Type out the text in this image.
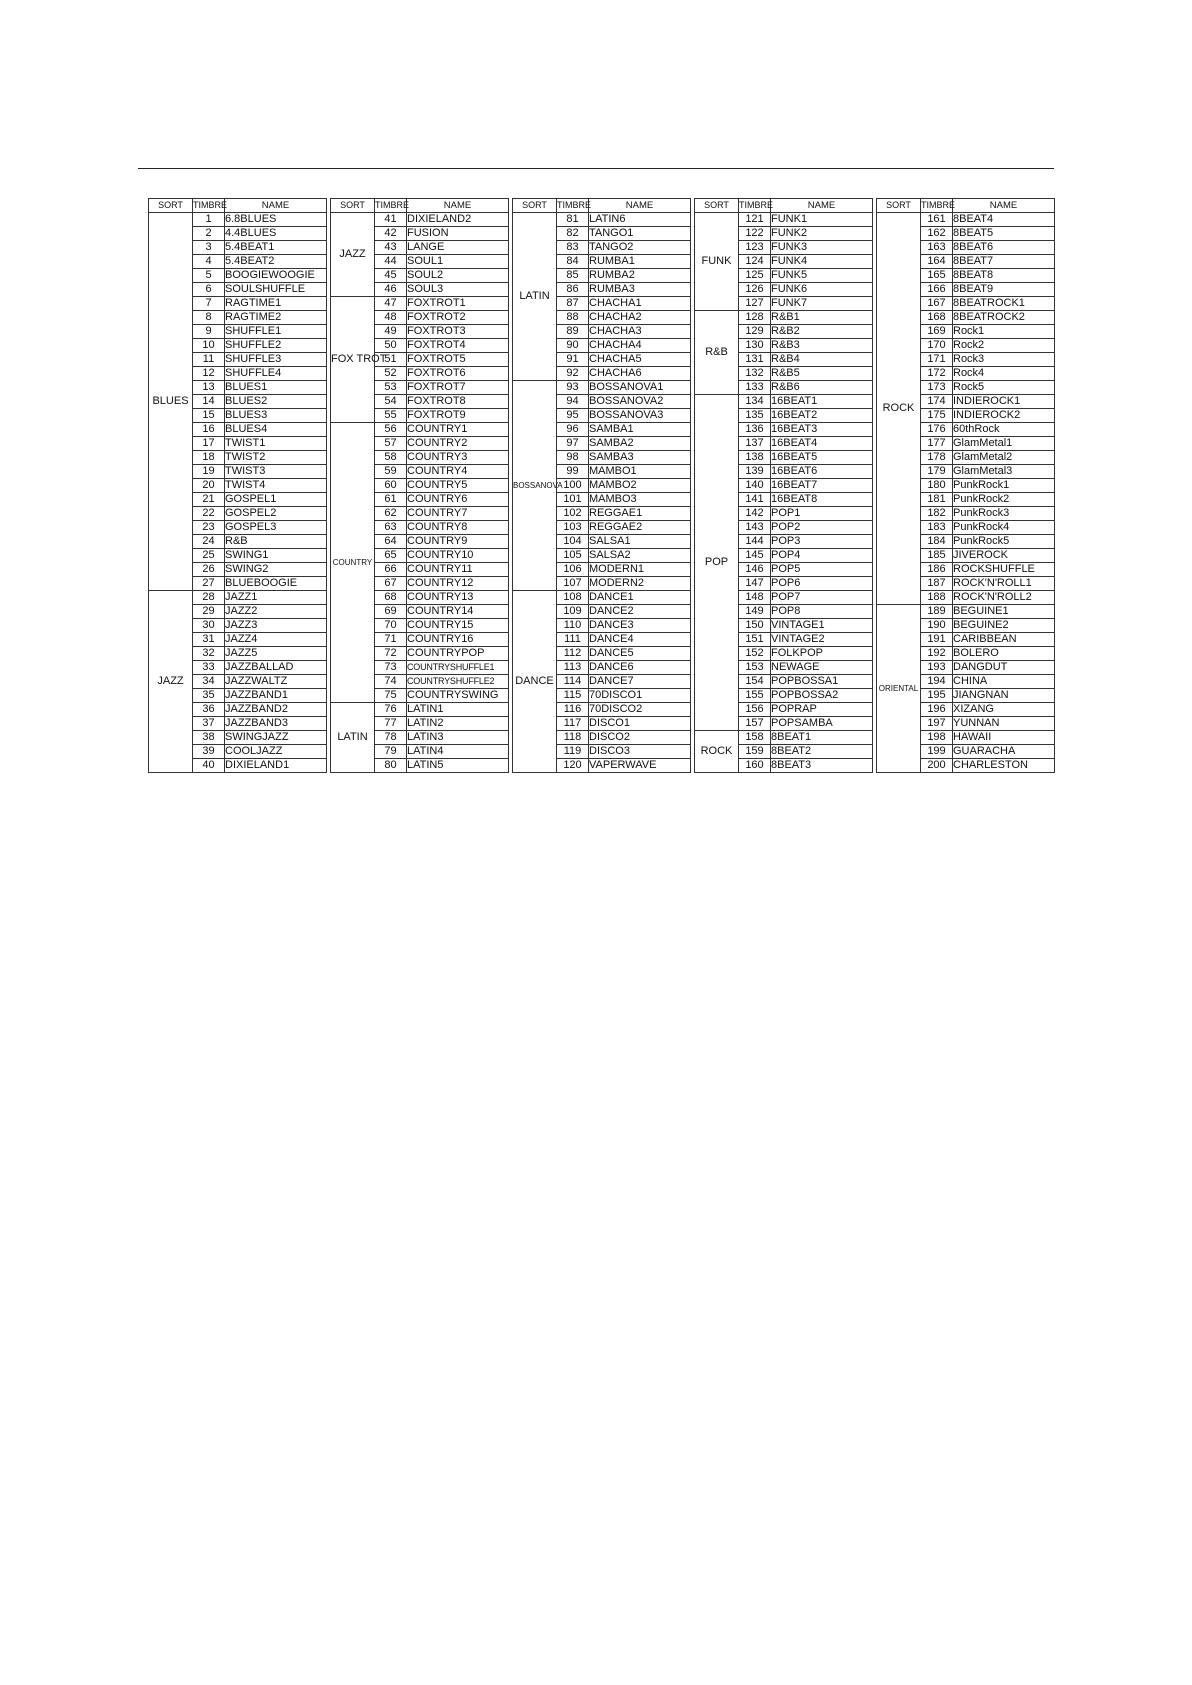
SORT	TIMBRE	NAME
BLUES	1	6.8BLUES
	2	4.4BLUES
	3	5.4BEAT1
	4	5.4BEAT2
	5	BOOGIEWOOGIE
	6	SOULSHUFFLE
	7	RAGTIME1
	8	RAGTIME2
	9	SHUFFLE1
	10	SHUFFLE2
	11	SHUFFLE3
	12	SHUFFLE4
	13	BLUES1
	14	BLUES2
	15	BLUES3
	16	BLUES4
	17	TWIST1
	18	TWIST2
	19	TWIST3
	20	TWIST4
	21	GOSPEL1
	22	GOSPEL2
	23	GOSPEL3
	24	R&B
	25	SWING1
	26	SWING2
	27	BLUEBOOGIE
JAZZ	28	JAZZ1
	29	JAZZ2
	30	JAZZ3
	31	JAZZ4
	32	JAZZ5
	33	JAZZBALLAD
	34	JAZZWALTZ
	35	JAZZBAND1
	36	JAZZBAND2
	37	JAZZBAND3
	38	SWINGJAZZ
	39	COOLJAZZ
	40	DIXIELAND1
SORT	TIMBRE	NAME
JAZZ	41	DIXIELAND2
	42	FUSION
	43	LANGE
	44	SOUL1
	45	SOUL2
	46	SOUL3
FOX TROT	47	FOXTROT1
	48	FOXTROT2
	49	FOXTROT3
	50	FOXTROT4
	51	FOXTROT5
	52	FOXTROT6
	53	FOXTROT7
	54	FOXTROT8
	55	FOXTROT9
COUNTRY	56	COUNTRY1
	57	COUNTRY2
	58	COUNTRY3
	59	COUNTRY4
	60	COUNTRY5
	61	COUNTRY6
	62	COUNTRY7
	63	COUNTRY8
	64	COUNTRY9
	65	COUNTRY10
	66	COUNTRY11
	67	COUNTRY12
	68	COUNTRY13
	69	COUNTRY14
	70	COUNTRY15
	71	COUNTRY16
	72	COUNTRYPOP
	73	COUNTRYSHUFFLE1
	74	COUNTRYSHUFFLE2
	75	COUNTRYSWING
LATIN	76	LATIN1
	77	LATIN2
	78	LATIN3
	79	LATIN4
	80	LATIN5
SORT	TIMBRE	NAME
LATIN	81	LATIN6
	82	TANGO1
	83	TANGO2
	84	RUMBA1
	85	RUMBA2
	86	RUMBA3
	87	CHACHA1
	88	CHACHA2
	89	CHACHA3
	90	CHACHA4
	91	CHACHA5
	92	CHACHA6
BOSSANOVA	93	BOSSANOVA1
	94	BOSSANOVA2
	95	BOSSANOVA3
	96	SAMBA1
	97	SAMBA2
	98	SAMBA3
	99	MAMBO1
	100	MAMBO2
	101	MAMBO3
	102	REGGAE1
	103	REGGAE2
	104	SALSA1
	105	SALSA2
	106	MODERN1
	107	MODERN2
DANCE	108	DANCE1
	109	DANCE2
	110	DANCE3
	111	DANCE4
	112	DANCE5
	113	DANCE6
	114	DANCE7
	115	70DISCO1
	116	70DISCO2
	117	DISCO1
	118	DISCO2
	119	DISCO3
	120	VAPERWAVE
SORT	TIMBRE	NAME
FUNK	121	FUNK1
	122	FUNK2
	123	FUNK3
	124	FUNK4
	125	FUNK5
	126	FUNK6
	127	FUNK7
R&B	128	R&B1
	129	R&B2
	130	R&B3
	131	R&B4
	132	R&B5
	133	R&B6
POP	134	16BEAT1
	135	16BEAT2
	136	16BEAT3
	137	16BEAT4
	138	16BEAT5
	139	16BEAT6
	140	16BEAT7
	141	16BEAT8
	142	POP1
	143	POP2
	144	POP3
	145	POP4
	146	POP5
	147	POP6
	148	POP7
	149	POP8
	150	VINTAGE1
	151	VINTAGE2
	152	FOLKPOP
	153	NEWAGE
	154	POPBOSSA1
	155	POPBOSSA2
	156	POPRAP
	157	POPSAMBA
ROCK	158	8BEAT1
	159	8BEAT2
	160	8BEAT3
SORT	TIMBRE	NAME
ROCK	161	8BEAT4
	162	8BEAT5
	163	8BEAT6
	164	8BEAT7
	165	8BEAT8
	166	8BEAT9
	167	8BEATROCK1
	168	8BEATROCK2
	169	Rock1
	170	Rock2
	171	Rock3
	172	Rock4
	173	Rock5
	174	INDIEROCK1
	175	INDIEROCK2
	176	60thRock
	177	GlamMetal1
	178	GlamMetal2
	179	GlamMetal3
	180	PunkRock1
	181	PunkRock2
	182	PunkRock3
	183	PunkRock4
	184	PunkRock5
	185	JIVEROCK
	186	ROCKSHUFFLE
	187	ROCK'N'ROLL1
	188	ROCK'N'ROLL2
ORIENTAL	189	BEGUINE1
	190	BEGUINE2
	191	CARIBBEAN
	192	BOLERO
	193	DANGDUT
	194	CHINA
	195	JIANGNAN
	196	XIZANG
	197	YUNNAN
	198	HAWAII
	199	GUARACHA
	200	CHARLESTON
